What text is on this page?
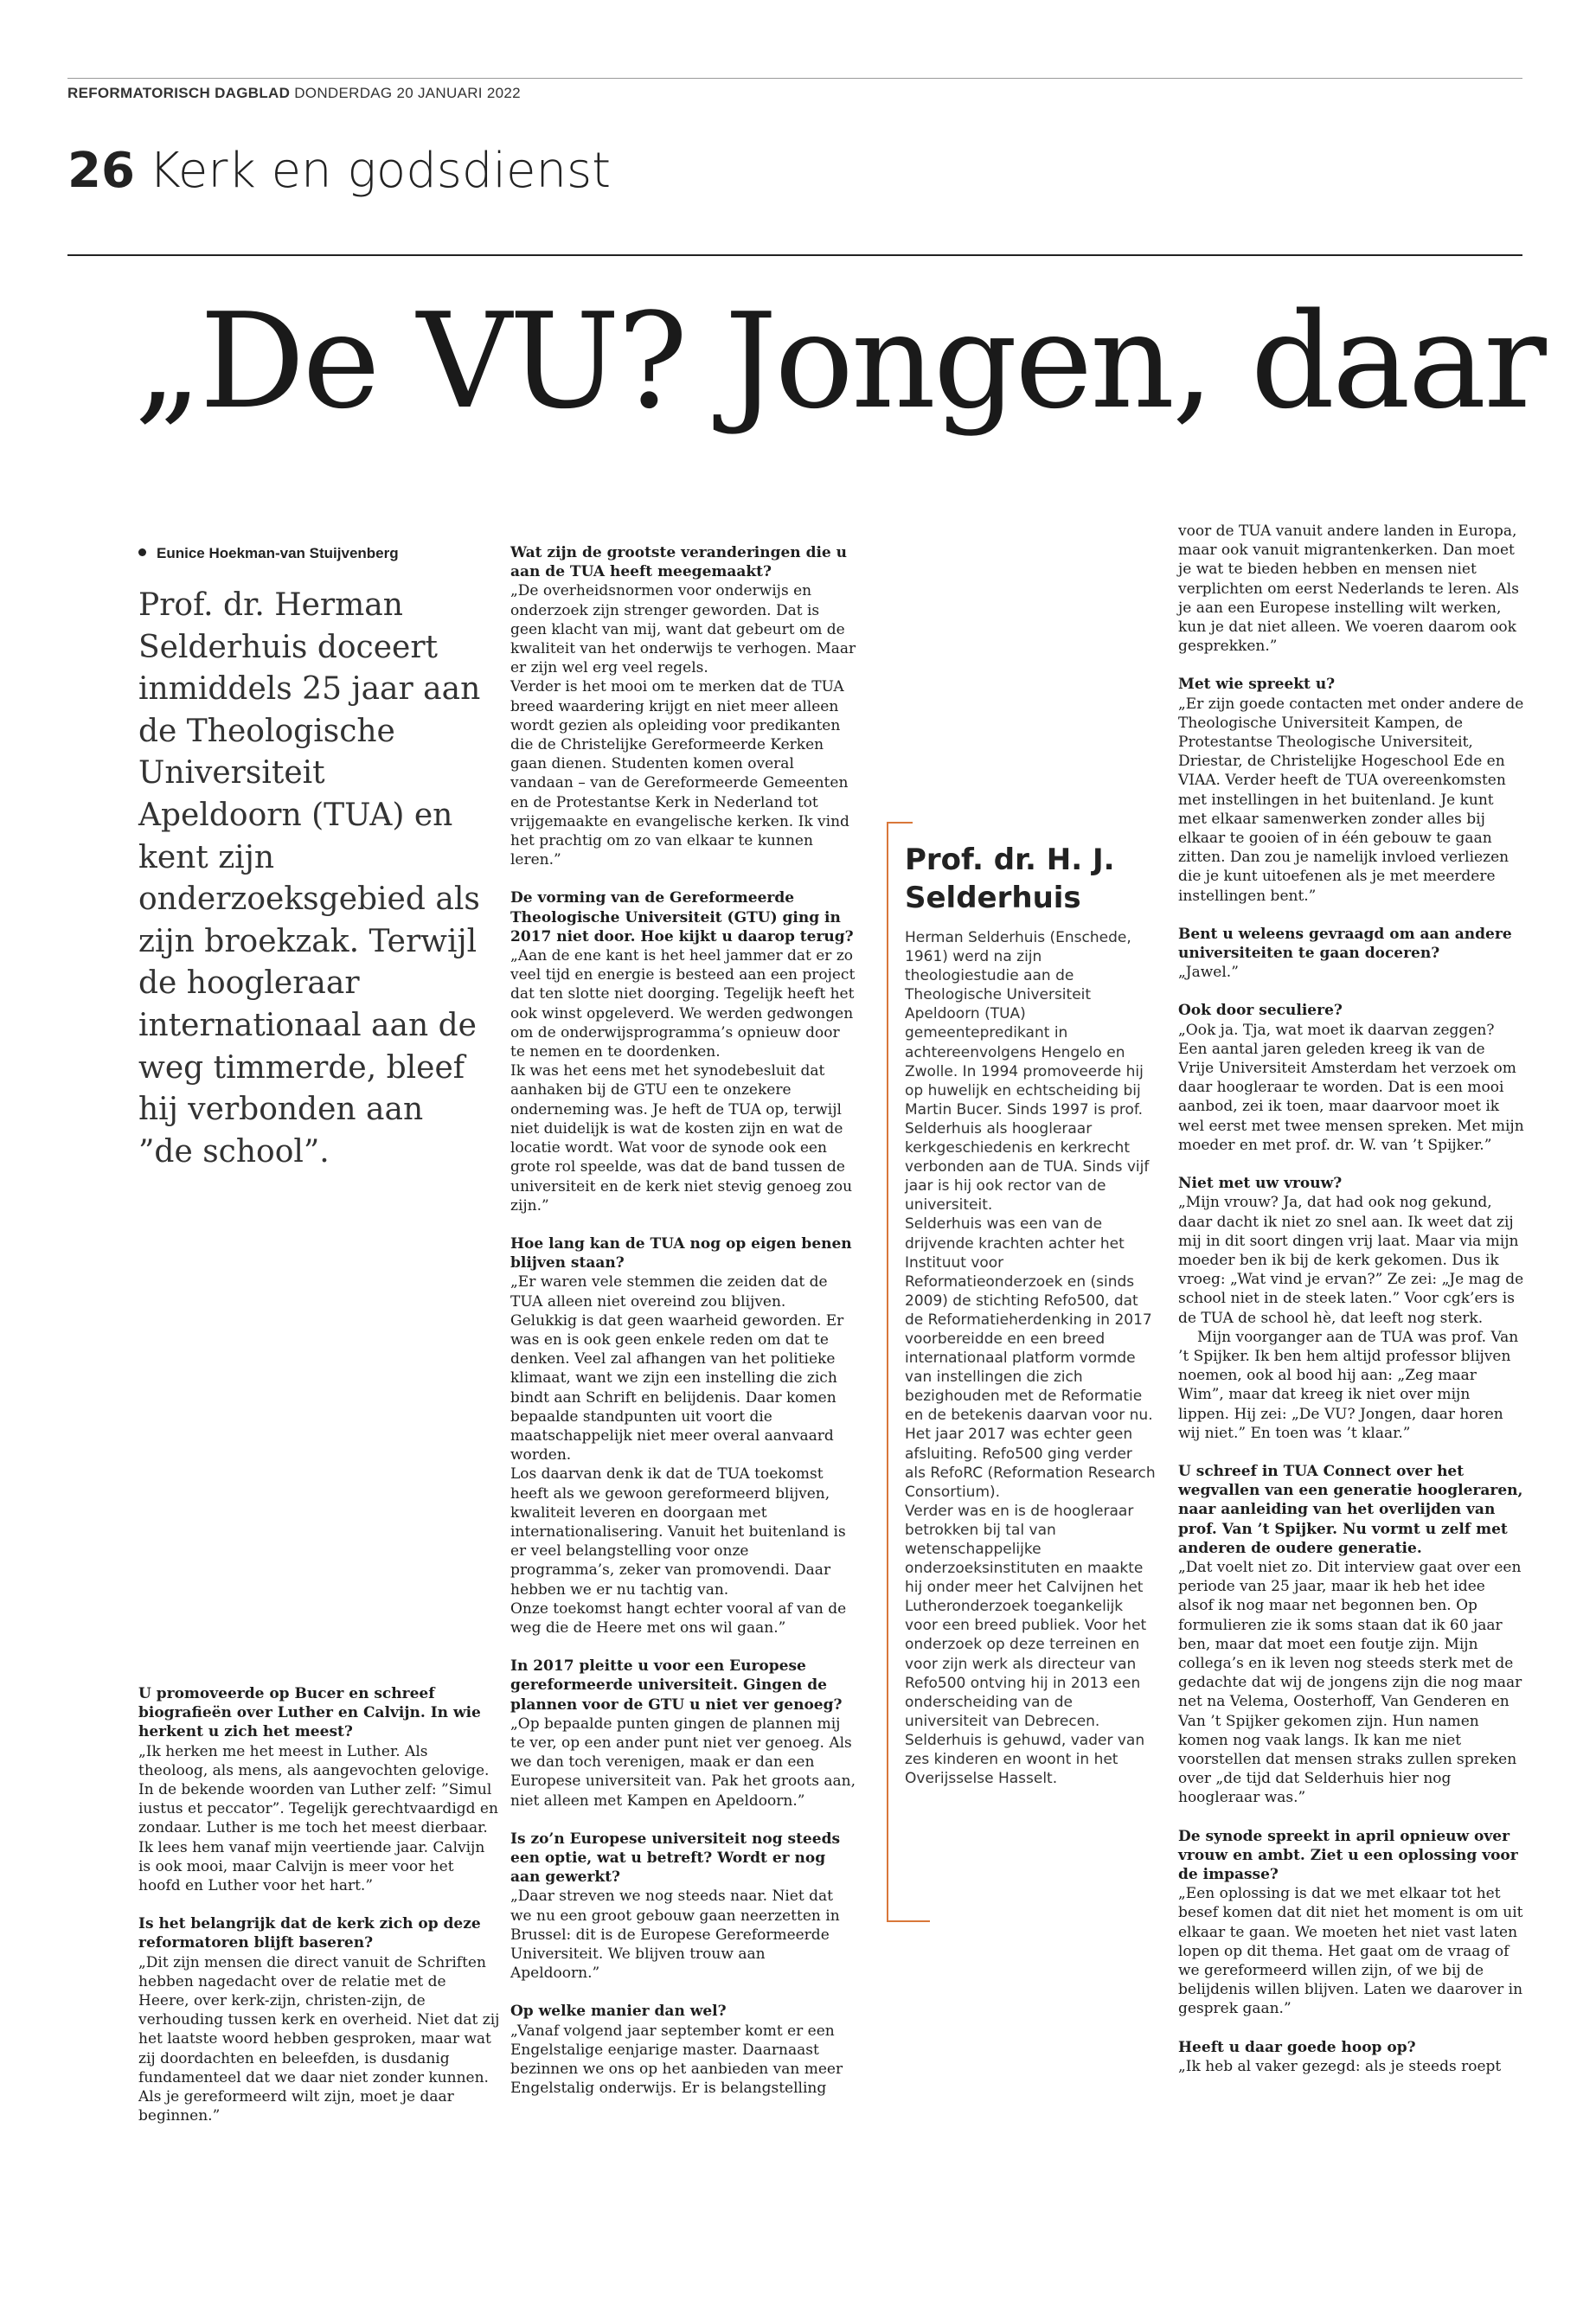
REFORMATORISCH DAGBLAD DONDERDAG 20 JANUARI 2022
26 Kerk en godsdienst
„De VU? Jongen, daar
Eunice Hoekman-van Stuijvenberg
Prof. dr. Herman Selderhuis doceert inmiddels 25 jaar aan de Theologische Universiteit Apeldoorn (TUA) en kent zijn onderzoeksgebied als zijn broekzak. Terwijl de hoogleraar internationaal aan de weg timmerde, bleef hij verbonden aan ”de school”.

U promoveerde op Bucer en schreef biografieën over Luther en Calvijn. In wie herkent u zich het meest?

„Ik herken me het meest in Luther. Als theoloog, als mens, als aangevochten gelovige. In de bekende woorden van Luther zelf: ”Simul iustus et peccator”. Tegelijk gerechtvaardigd en zondaar. Luther is me toch het meest dierbaar. Ik lees hem vanaf mijn veertiende jaar. Calvijn is ook mooi, maar Calvijn is meer voor het hoofd en Luther voor het hart.”

Is het belangrijk dat de kerk zich op deze reformatoren blijft baseren?

„Dit zijn mensen die direct vanuit de Schriften hebben nagedacht over de relatie met de Heere, over kerk-zijn, christen-zijn, de verhouding tussen kerk en overheid. Niet dat zij het laatste woord hebben gesproken, maar wat zij doordachten en beleefden, is dusdanig fundamenteel dat we daar niet zonder kunnen. Als je gereformeerd wilt zijn, moet je daar beginnen.”

Wat zijn de grootste veranderingen die u aan de TUA heeft meegemaakt?

„De overheidsnormen voor onderwijs en onderzoek zijn strenger geworden. Dat is geen klacht van mij, want dat gebeurt om de kwaliteit van het onderwijs te verhogen. Maar er zijn wel erg veel regels.

Verder is het mooi om te merken dat de TUA breed waardering krijgt en niet meer alleen wordt gezien als opleiding voor predikanten die de Christelijke Gereformeerde Kerken gaan dienen. Studenten komen overal vandaan – van de Gereformeerde Gemeenten en de Protestantse Kerk in Nederland tot vrijgemaakte en evangelische kerken. Ik vind het prachtig om zo van elkaar te kunnen leren.”

De vorming van de Gereformeerde Theologische Universiteit (GTU) ging in 2017 niet door. Hoe kijkt u daarop terug?

„Aan de ene kant is het heel jammer dat er zo veel tijd en energie is besteed aan een project dat ten slotte niet doorging. Tegelijk heeft het ook winst opgeleverd. We werden gedwongen om de onderwijsprogramma’s opnieuw door te nemen en te doordenken.

Ik was het eens met het synodebesluit dat aanhaken bij de GTU een te onzekere onderneming was. Je heft de TUA op, terwijl niet duidelijk is wat de kosten zijn en wat de locatie wordt. Wat voor de synode ook een grote rol speelde, was dat de band tussen de universiteit en de kerk niet stevig genoeg zou zijn.”

Hoe lang kan de TUA nog op eigen benen blijven staan?

„Er waren vele stemmen die zeiden dat de TUA alleen niet overeind zou blijven. Gelukkig is dat geen waarheid geworden. Er was en is ook geen enkele reden om dat te denken. Veel zal afhangen van het politieke klimaat, want we zijn een instelling die zich bindt aan Schrift en belijdenis. Daar komen bepaalde standpunten uit voort die maatschappelijk niet meer overal aanvaard worden.

Los daarvan denk ik dat de TUA toekomst heeft als we gewoon gereformeerd blijven, kwaliteit leveren en doorgaan met internationalisering. Vanuit het buitenland is er veel belangstelling voor onze programma’s, zeker van promovendi. Daar hebben we er nu tachtig van.

Onze toekomst hangt echter vooral af van de weg die de Heere met ons wil gaan.”

In 2017 pleitte u voor een Europese gereformeerde universiteit. Gingen de plannen voor de GTU u niet ver genoeg?

„Op bepaalde punten gingen de plannen mij te ver, op een ander punt niet ver genoeg. Als we dan toch verenigen, maak er dan een Europese universiteit van. Pak het groots aan, niet alleen met Kampen en Apeldoorn.”

Is zo’n Europese universiteit nog steeds een optie, wat u betreft? Wordt er nog aan gewerkt?

„Daar streven we nog steeds naar. Niet dat we nu een groot gebouw gaan neerzetten in Brussel: dit is de Europese Gereformeerde Universiteit. We blijven trouw aan Apeldoorn.”

Op welke manier dan wel?

„Vanaf volgend jaar september komt er een Engelstalige eenjarige master. Daarnaast bezinnen we ons op het aanbieden van meer Engelstalig onderwijs. Er is belangstelling

Prof. dr. H. J. Selderhuis

Herman Selderhuis (Enschede, 1961) werd na zijn theologiestudie aan de Theologische Universiteit Apeldoorn (TUA) gemeentepredikant in achtereenvolgens Hengelo en Zwolle. In 1994 promoveerde hij op huwelijk en echtscheiding bij Martin Bucer. Sinds 1997 is prof. Selderhuis als hoogleraar kerkgeschiedenis en kerkrecht verbonden aan de TUA. Sinds vijf jaar is hij ook rector van de universiteit.

Selderhuis was een van de drijvende krachten achter het Instituut voor Reformatieonderzoek en (sinds 2009) de stichting Refo500, dat de Reformatieherdenking in 2017 voorbereidde en een breed internationaal platform vormde van instellingen die zich bezighouden met de Reformatie en de betekenis daarvan voor nu. Het jaar 2017 was echter geen afsluiting. Refo500 ging verder als RefoRC (Reformation Research Consortium).

Verder was en is de hoogleraar betrokken bij tal van wetenschappelijke onderzoeksinstituten en maakte hij onder meer het Calvijnen het Lutheronderzoek toegankelijk voor een breed publiek. Voor het onderzoek op deze terreinen en voor zijn werk als directeur van Refo500 ontving hij in 2013 een onderscheiding van de universiteit van Debrecen. Selderhuis is gehuwd, vader van zes kinderen en woont in het Overijsselse Hasselt.

voor de TUA vanuit andere landen in Europa, maar ook vanuit migrantenkerken. Dan moet je wat te bieden hebben en mensen niet verplichten om eerst Nederlands te leren. Als je aan een Europese instelling wilt werken, kun je dat niet alleen. We voeren daarom ook gesprekken.”

Met wie spreekt u?

„Er zijn goede contacten met onder andere de Theologische Universiteit Kampen, de Protestantse Theologische Universiteit, Driestar, de Christelijke Hogeschool Ede en VIAA. Verder heeft de TUA overeenkomsten met instellingen in het buitenland. Je kunt met elkaar samenwerken zonder alles bij elkaar te gooien of in één gebouw te gaan zitten. Dan zou je namelijk invloed verliezen die je kunt uitoefenen als je met meerdere instellingen bent.”

Bent u weleens gevraagd om aan andere universiteiten te gaan doceren?

„Jawel.”

Ook door seculiere?

„Ook ja. Tja, wat moet ik daarvan zeggen? Een aantal jaren geleden kreeg ik van de Vrije Universiteit Amsterdam het verzoek om daar hoogleraar te worden. Dat is een mooi aanbod, zei ik toen, maar daarvoor moet ik wel eerst met twee mensen spreken. Met mijn moeder en met prof. dr. W. van ’t Spijker.”

Niet met uw vrouw?

„Mijn vrouw? Ja, dat had ook nog gekund, daar dacht ik niet zo snel aan. Ik weet dat zij mij in dit soort dingen vrij laat. Maar via mijn moeder ben ik bij de kerk gekomen. Dus ik vroeg: „Wat vind je ervan?” Ze zei: „Je mag de school niet in de steek laten.” Voor cgk’ers is de TUA de school hè, dat leeft nog sterk.

Mijn voorganger aan de TUA was prof. Van ’t Spijker. Ik ben hem altijd professor blijven noemen, ook al bood hij aan: „Zeg maar Wim”, maar dat kreeg ik niet over mijn lippen. Hij zei: „De VU? Jongen, daar horen wij niet.” En toen was ’t klaar.”

U schreef in TUA Connect over het wegvallen van een generatie hoogleraren, naar aanleiding van het overlijden van prof. Van ’t Spijker. Nu vormt u zelf met anderen de oudere generatie.

„Dat voelt niet zo. Dit interview gaat over een periode van 25 jaar, maar ik heb het idee alsof ik nog maar net begonnen ben. Op formulieren zie ik soms staan dat ik 60 jaar ben, maar dat moet een foutje zijn. Mijn collega’s en ik leven nog steeds sterk met de gedachte dat wij de jongens zijn die nog maar net na Velema, Oosterhoff, Van Genderen en Van ’t Spijker gekomen zijn. Hun namen komen nog vaak langs. Ik kan me niet voorstellen dat mensen straks zullen spreken over „de tijd dat Selderhuis hier nog hoogleraar was.”

De synode spreekt in april opnieuw over vrouw en ambt. Ziet u een oplossing voor de impasse?

„Een oplossing is dat we met elkaar tot het besef komen dat dit niet het moment is om uit elkaar te gaan. We moeten het niet vast laten lopen op dit thema. Het gaat om de vraag of we gereformeerd willen zijn, of we bij de belijdenis willen blijven. Laten we daarover in gesprek gaan.”

Heeft u daar goede hoop op?

„Ik heb al vaker gezegd: als je steeds roept
